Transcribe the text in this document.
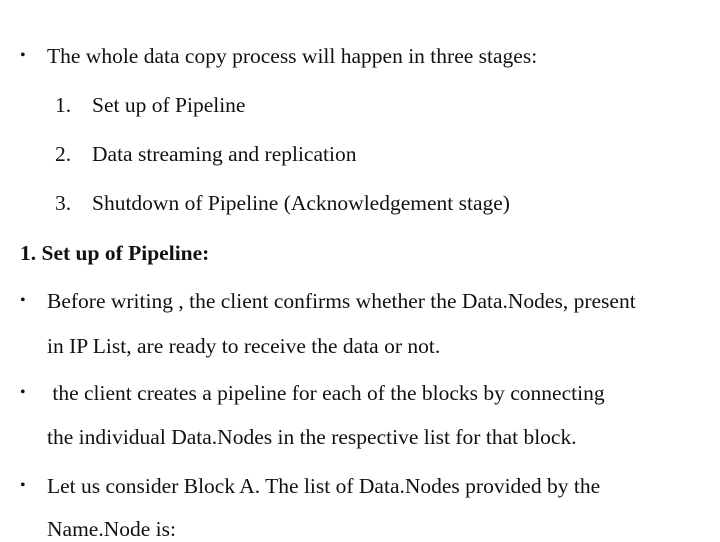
• The whole data copy process will happen in three stages:
1. Set up of Pipeline
2. Data streaming and replication
3. Shutdown of Pipeline (Acknowledgement stage)
1. Set up of Pipeline:
• Before writing , the client confirms whether the Data.Nodes, present
in IP List, are ready to receive the data or not.
• the client creates a pipeline for each of the blocks by connecting
the individual Data.Nodes in the respective list for that block.
• Let us consider Block A. The list of Data.Nodes provided by the
Name.Node is:
